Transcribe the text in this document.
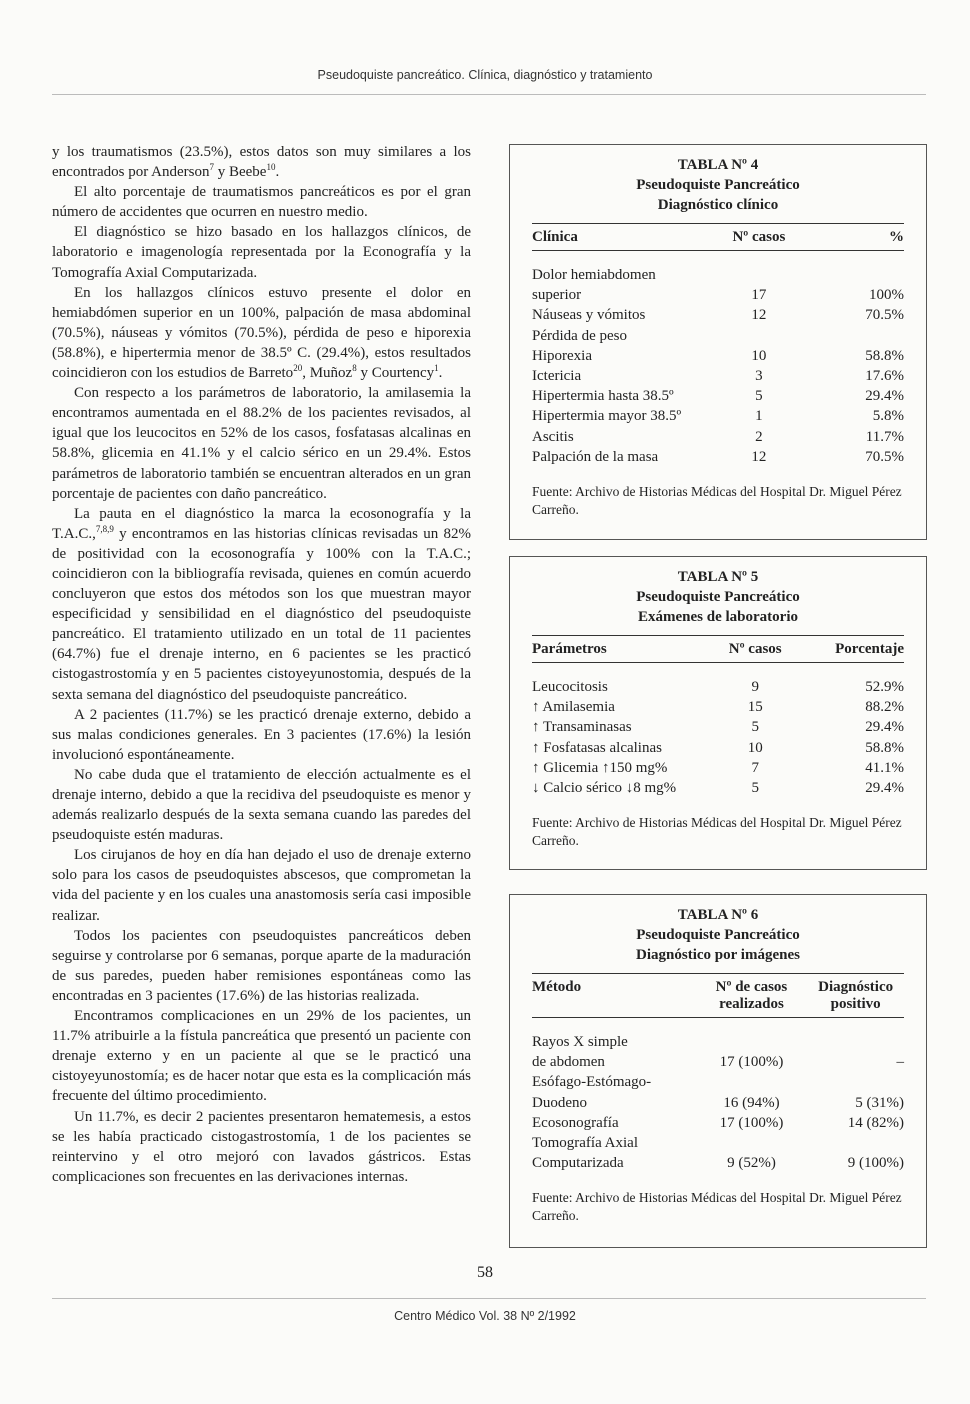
Pseudoquiste pancreático. Clínica, diagnóstico y tratamiento

y los traumatismos (23.5%), estos datos son muy similares a los encontrados por Anderson$^7$ y Beebe$^{10}$.

El alto porcentaje de traumatismos pancreáticos es por el gran número de accidentes que ocurren en nuestro medio.

El diagnóstico se hizo basado en los hallazgos clínicos, de laboratorio e imagenología representada por la Econografía y la Tomografía Axial Computarizada.

En los hallazgos clínicos estuvo presente el dolor en hemiabdómen superior en un 100%, palpación de masa abdominal (70.5%), náuseas y vómitos (70.5%), pérdida de peso e hiporexia (58.8%), e hipertermia menor de 38.5º C. (29.4%), estos resultados coincidieron con los estudios de Barreto$^{20}$, Muñoz$^8$ y Courtency$^1$.

Con respecto a los parámetros de laboratorio, la amilasemia la encontramos aumentada en el 88.2% de los pacientes revisados, al igual que los leucocitos en 52% de los casos, fosfatasas alcalinas en 58.8%, glicemia en 41.1% y el calcio sérico en un 29.4%. Estos parámetros de laboratorio también se encuentran alterados en un gran porcentaje de pacientes con daño pancreático.

La pauta en el diagnóstico la marca la ecosonografía y la T.A.C.,$^{7,8,9}$ y encontramos en las historias clínicas revisadas un 82% de positividad con la ecosonografía y 100% con la T.A.C.; coincidieron con la bibliografía revisada, quienes en común acuerdo concluyeron que estos dos métodos son los que muestran mayor especificidad y sensibilidad en el diagnóstico del pseudoquiste pancreático. El tratamiento utilizado en un total de 11 pacientes (64.7%) fue el drenaje interno, en 6 pacientes se les practicó cistogastrostomía y en 5 pacientes cistoyeyunostomia, después de la sexta semana del diagnóstico del pseudoquiste pancreático.

A 2 pacientes (11.7%) se les practicó drenaje externo, debido a sus malas condiciones generales. En 3 pacientes (17.6%) la lesión involucionó espontáneamente.

No cabe duda que el tratamiento de elección actualmente es el drenaje interno, debido a que la recidiva del pseudoquiste es menor y además realizarlo después de la sexta semana cuando las paredes del pseudoquiste estén maduras.

Los cirujanos de hoy en día han dejado el uso de drenaje externo solo para los casos de pseudoquistes abscesos, que comprometan la vida del paciente y en los cuales una anastomosis sería casi imposible realizar.

Todos los pacientes con pseudoquistes pancreáticos deben seguirse y controlarse por 6 semanas, porque aparte de la maduración de sus paredes, pueden haber remisiones espontáneas como las encontradas en 3 pacientes (17.6%) de las historias realizada.

Encontramos complicaciones en un 29% de los pacientes, un 11.7% atribuirle a la fístula pancreática que presentó un paciente con drenaje externo y en un paciente al que se le practicó una cistoyeyunostomía; es de hacer notar que esta es la complicación más frecuente del último procedimiento.

Un 11.7%, es decir 2 pacientes presentaron hematemesis, a estos se les había practicado cistogastrostomía, 1 de los pacientes se reintervino y el otro mejoró con lavados gástricos. Estas complicaciones son frecuentes en las derivaciones internas.

TABLA Nº 4
Pseudoquiste Pancreático
Diagnóstico clínico
Clínica	Nº casos	%

Dolor hemiabdomen		
superior	17	100%
Náuseas y vómitos	12	70.5%
Pérdida de peso		
Hiporexia	10	58.8%
Ictericia	3	17.6%
Hipertermia hasta 38.5º	5	29.4%
Hipertermia mayor 38.5º	1	5.8%
Ascitis	2	11.7%
Palpación de la masa	12	70.5%
Fuente: Archivo de Historias Médicas del Hospital Dr. Miguel Pérez Carreño.
TABLA Nº 5
Pseudoquiste Pancreático
Exámenes de laboratorio
Parámetros	Nº casos	Porcentaje

Leucocitosis	9	52.9%
↑ Amilasemia	15	88.2%
↑ Transaminasas	5	29.4%
↑ Fosfatasas alcalinas	10	58.8%
↑ Glicemia ↑150 mg%	7	41.1%
↓ Calcio sérico ↓8 mg%	5	29.4%
Fuente: Archivo de Historias Médicas del Hospital Dr. Miguel Pérez Carreño.
TABLA Nº 6
Pseudoquiste Pancreático
Diagnóstico por imágenes
Método	Nº de casos realizados	Diagnóstico positivo

Rayos X simple		
de abdomen	17 (100%)	–
Esófago-Estómago-		
Duodeno	16 (94%)	5 (31%)
Ecosonografía	17 (100%)	14 (82%)
Tomografía Axial		
Computarizada	9 (52%)	9 (100%)
Fuente: Archivo de Historias Médicas del Hospital Dr. Miguel Pérez Carreño.
58
Centro Médico Vol. 38 Nº 2/1992
